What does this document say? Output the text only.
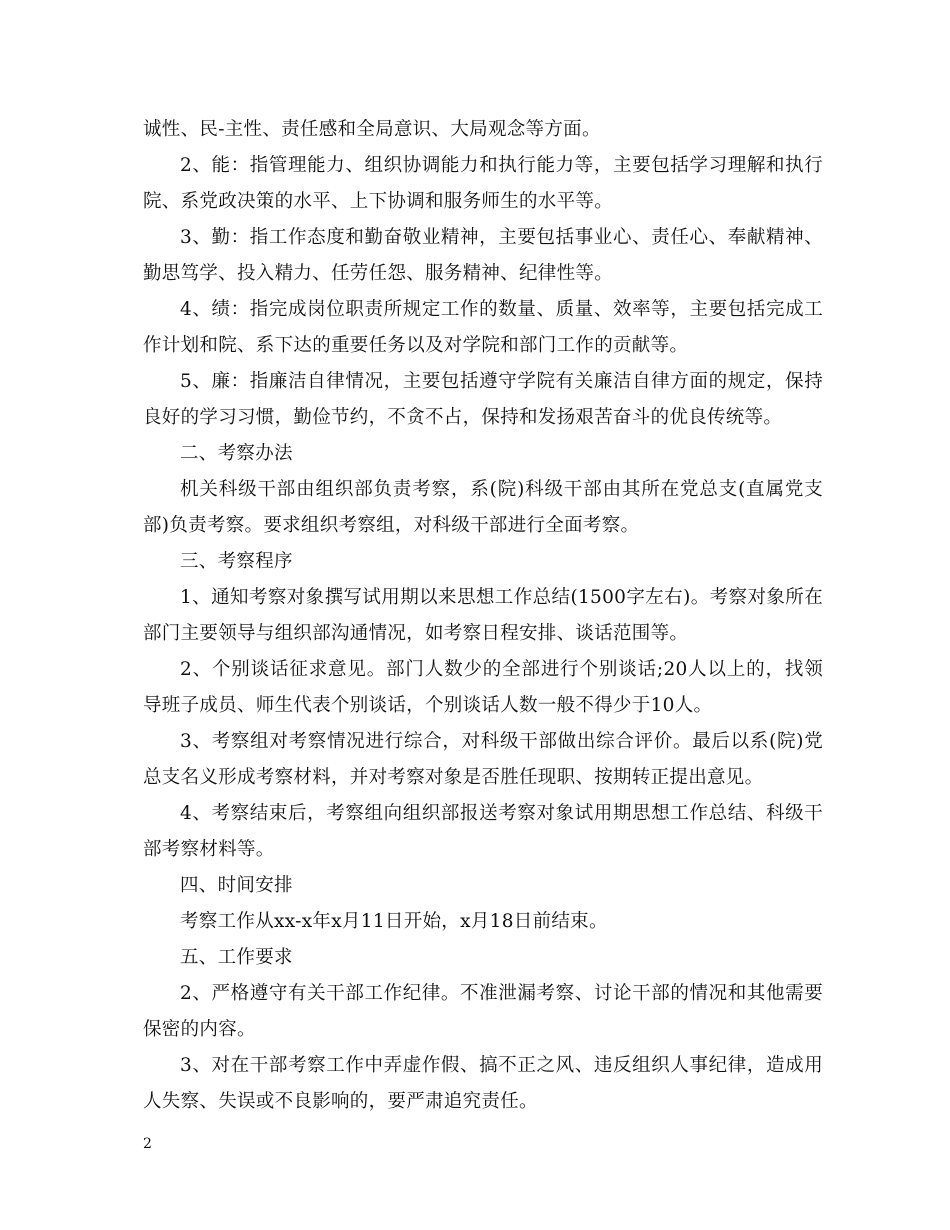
诚性、民-主性、责任感和全局意识、大局观念等方面。

2、能：指管理能力、组织协调能力和执行能力等，主要包括学习理解和执行院、系党政决策的水平、上下协调和服务师生的水平等。

3、勤：指工作态度和勤奋敬业精神，主要包括事业心、责任心、奉献精神、勤思笃学、投入精力、任劳任怨、服务精神、纪律性等。

4、绩：指完成岗位职责所规定工作的数量、质量、效率等，主要包括完成工作计划和院、系下达的重要任务以及对学院和部门工作的贡献等。

5、廉：指廉洁自律情况，主要包括遵守学院有关廉洁自律方面的规定，保持良好的学习习惯，勤俭节约，不贪不占，保持和发扬艰苦奋斗的优良传统等。

二、考察办法

机关科级干部由组织部负责考察，系(院)科级干部由其所在党总支(直属党支部)负责考察。要求组织考察组，对科级干部进行全面考察。

三、考察程序

1、通知考察对象撰写试用期以来思想工作总结(1500字左右)。考察对象所在部门主要领导与组织部沟通情况，如考察日程安排、谈话范围等。

2、个别谈话征求意见。部门人数少的全部进行个别谈话;20人以上的，找领导班子成员、师生代表个别谈话，个别谈话人数一般不得少于10人。

3、考察组对考察情况进行综合，对科级干部做出综合评价。最后以系(院)党总支名义形成考察材料，并对考察对象是否胜任现职、按期转正提出意见。

4、考察结束后，考察组向组织部报送考察对象试用期思想工作总结、科级干部考察材料等。

四、时间安排

考察工作从xx-x年x月11日开始，x月18日前结束。

五、工作要求

2、严格遵守有关干部工作纪律。不准泄漏考察、讨论干部的情况和其他需要保密的内容。

3、对在干部考察工作中弄虚作假、搞不正之风、违反组织人事纪律，造成用人失察、失误或不良影响的，要严肃追究责任。

2
